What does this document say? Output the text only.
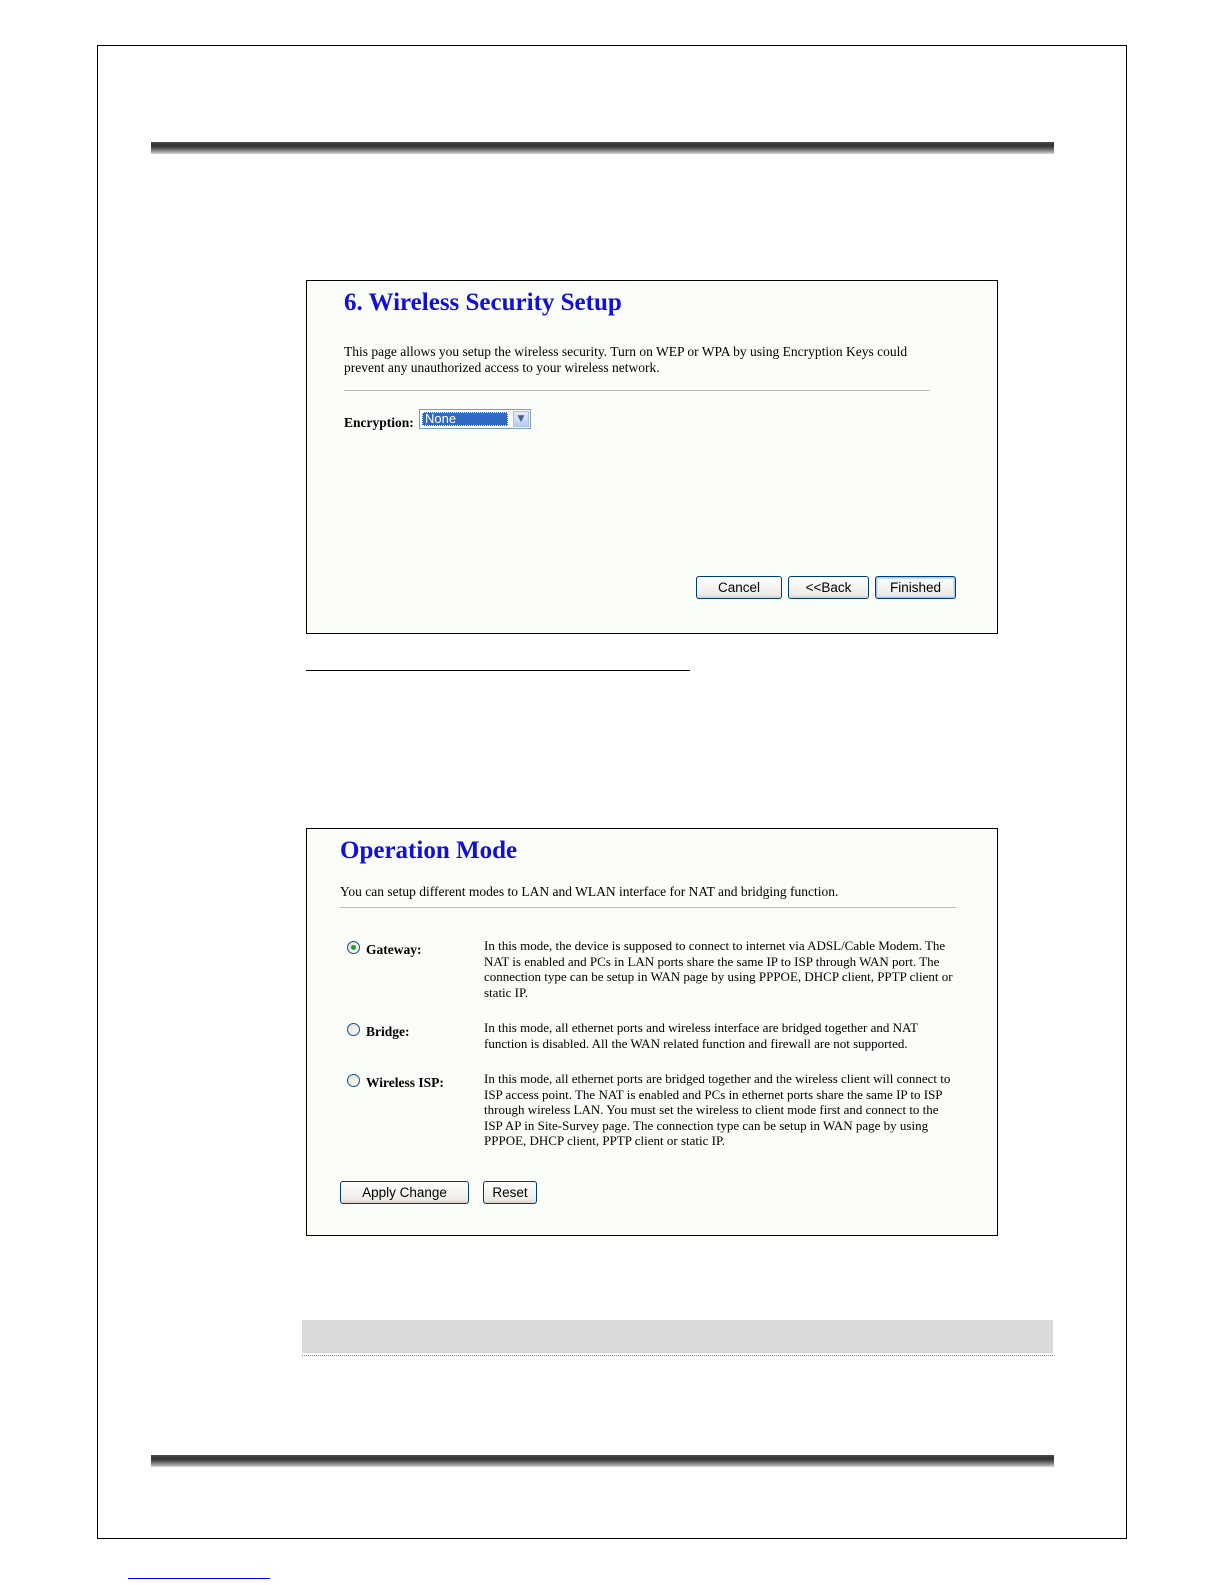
6. Wireless Security Setup
This page allows you setup the wireless security. Turn on WEP or WPA by using Encryption Keys could prevent any unauthorized access to your wireless network.
Encryption: None	▼
Cancel	<<Back	Finished
Operation Mode
You can setup different modes to LAN and WLAN interface for NAT and bridging function.
Gateway:	In this mode, the device is supposed to connect to internet via ADSL/Cable Modem. The NAT is enabled and PCs in LAN ports share the same IP to ISP through WAN port. The connection type can be setup in WAN page by using PPPOE, DHCP client, PPTP client or static IP.
Bridge:	In this mode, all ethernet ports and wireless interface are bridged together and NAT function is disabled. All the WAN related function and firewall are not supported.
Wireless ISP:	In this mode, all ethernet ports are bridged together and the wireless client will connect to ISP access point. The NAT is enabled and PCs in ethernet ports share the same IP to ISP through wireless LAN. You must set the wireless to client mode first and connect to the ISP AP in Site-Survey page. The connection type can be setup in WAN page by using PPPOE, DHCP client, PPTP client or static IP.
Apply Change	Reset
